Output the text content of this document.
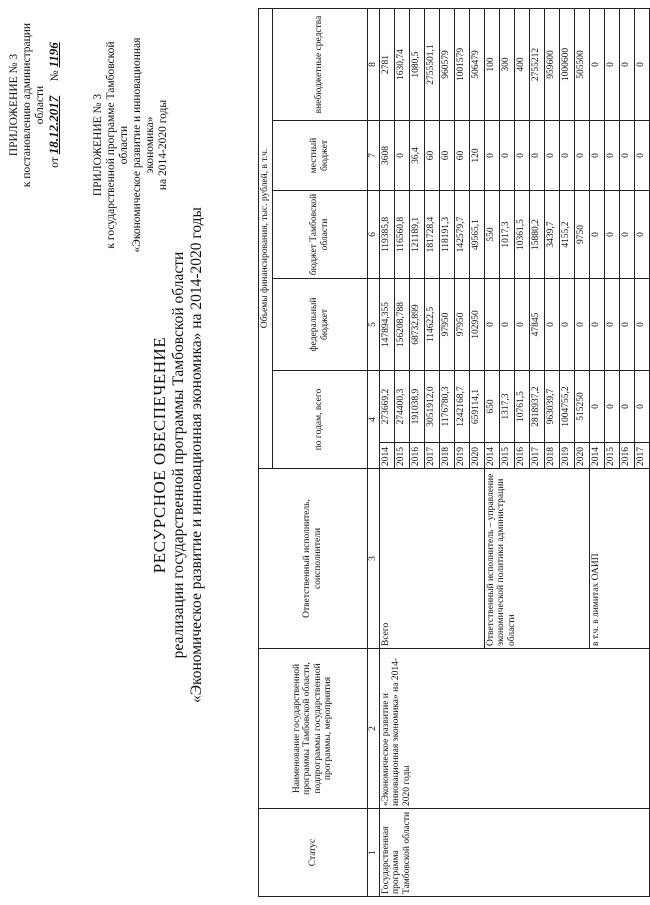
ПРИЛОЖЕНИЕ № 3 к постановлению администрации области
от 18.12.2017     № 1196
ПРИЛОЖЕНИЕ № 3 к государственной программе Тамбовской области «Экономическое развитие и инновационная экономика» на 2014-2020 годы
РЕСУРСНОЕ ОБЕСПЕЧЕНИЕ реализации государственной программы Тамбовской области «Экономическое развитие и инновационная экономика» на 2014-2020 годы
Статус	Наименование государственной программы Тамбовской области, подпрограммы государственной программы, мероприятия	Ответственный исполнитель, соисполнители	Объемы финансирования, тыс. рублей, в т.ч.					
			по годам, всего		федеральный бюджет	бюджет Тамбовской области	местный бюджет	внебюджетные средства
1	2	3	4		5	6	7	8
Государственная программа Тамбовской области	«Экономическое развитие и инновационная экономика» на 2014-2020 годы	Всего	2014	273669,2	147894,355	119385,8	3608	2781
			2015	274400,3	156208,788	116560,8	0	1630,74
			2016	191038,9	68732,899	121189,1	36,4	1080,5
			2017	3051912,0	114622,5	181728,4	60	2755501,1
			2018	1176780,3	97950	118191,3	60	960579
			2019	1242168,7	97950	142579,7	60	1001579
			2020	659114,1	102950	49565,1	120	506479
		Ответственный исполнитель – управление экономической политики администрации области	2014	650	0	550	0	100
			2015	1317,3	0	1017,3	0	300
			2016	10761,5	0	10361,5	0	400
			2017	2818937,2	47845	15880,2	0	2755212
			2018	963039,7	0	3439,7	0	959600
			2019	1004755,2	0	4155,2	0	1000600
			2020	515250	0	9750	0	505500
		в т.ч. в лимитах ОАИП	2014	0	0	0	0	0
			2015	0	0	0	0	0
			2016	0	0	0	0	0
			2017	0	0	0	0	0
